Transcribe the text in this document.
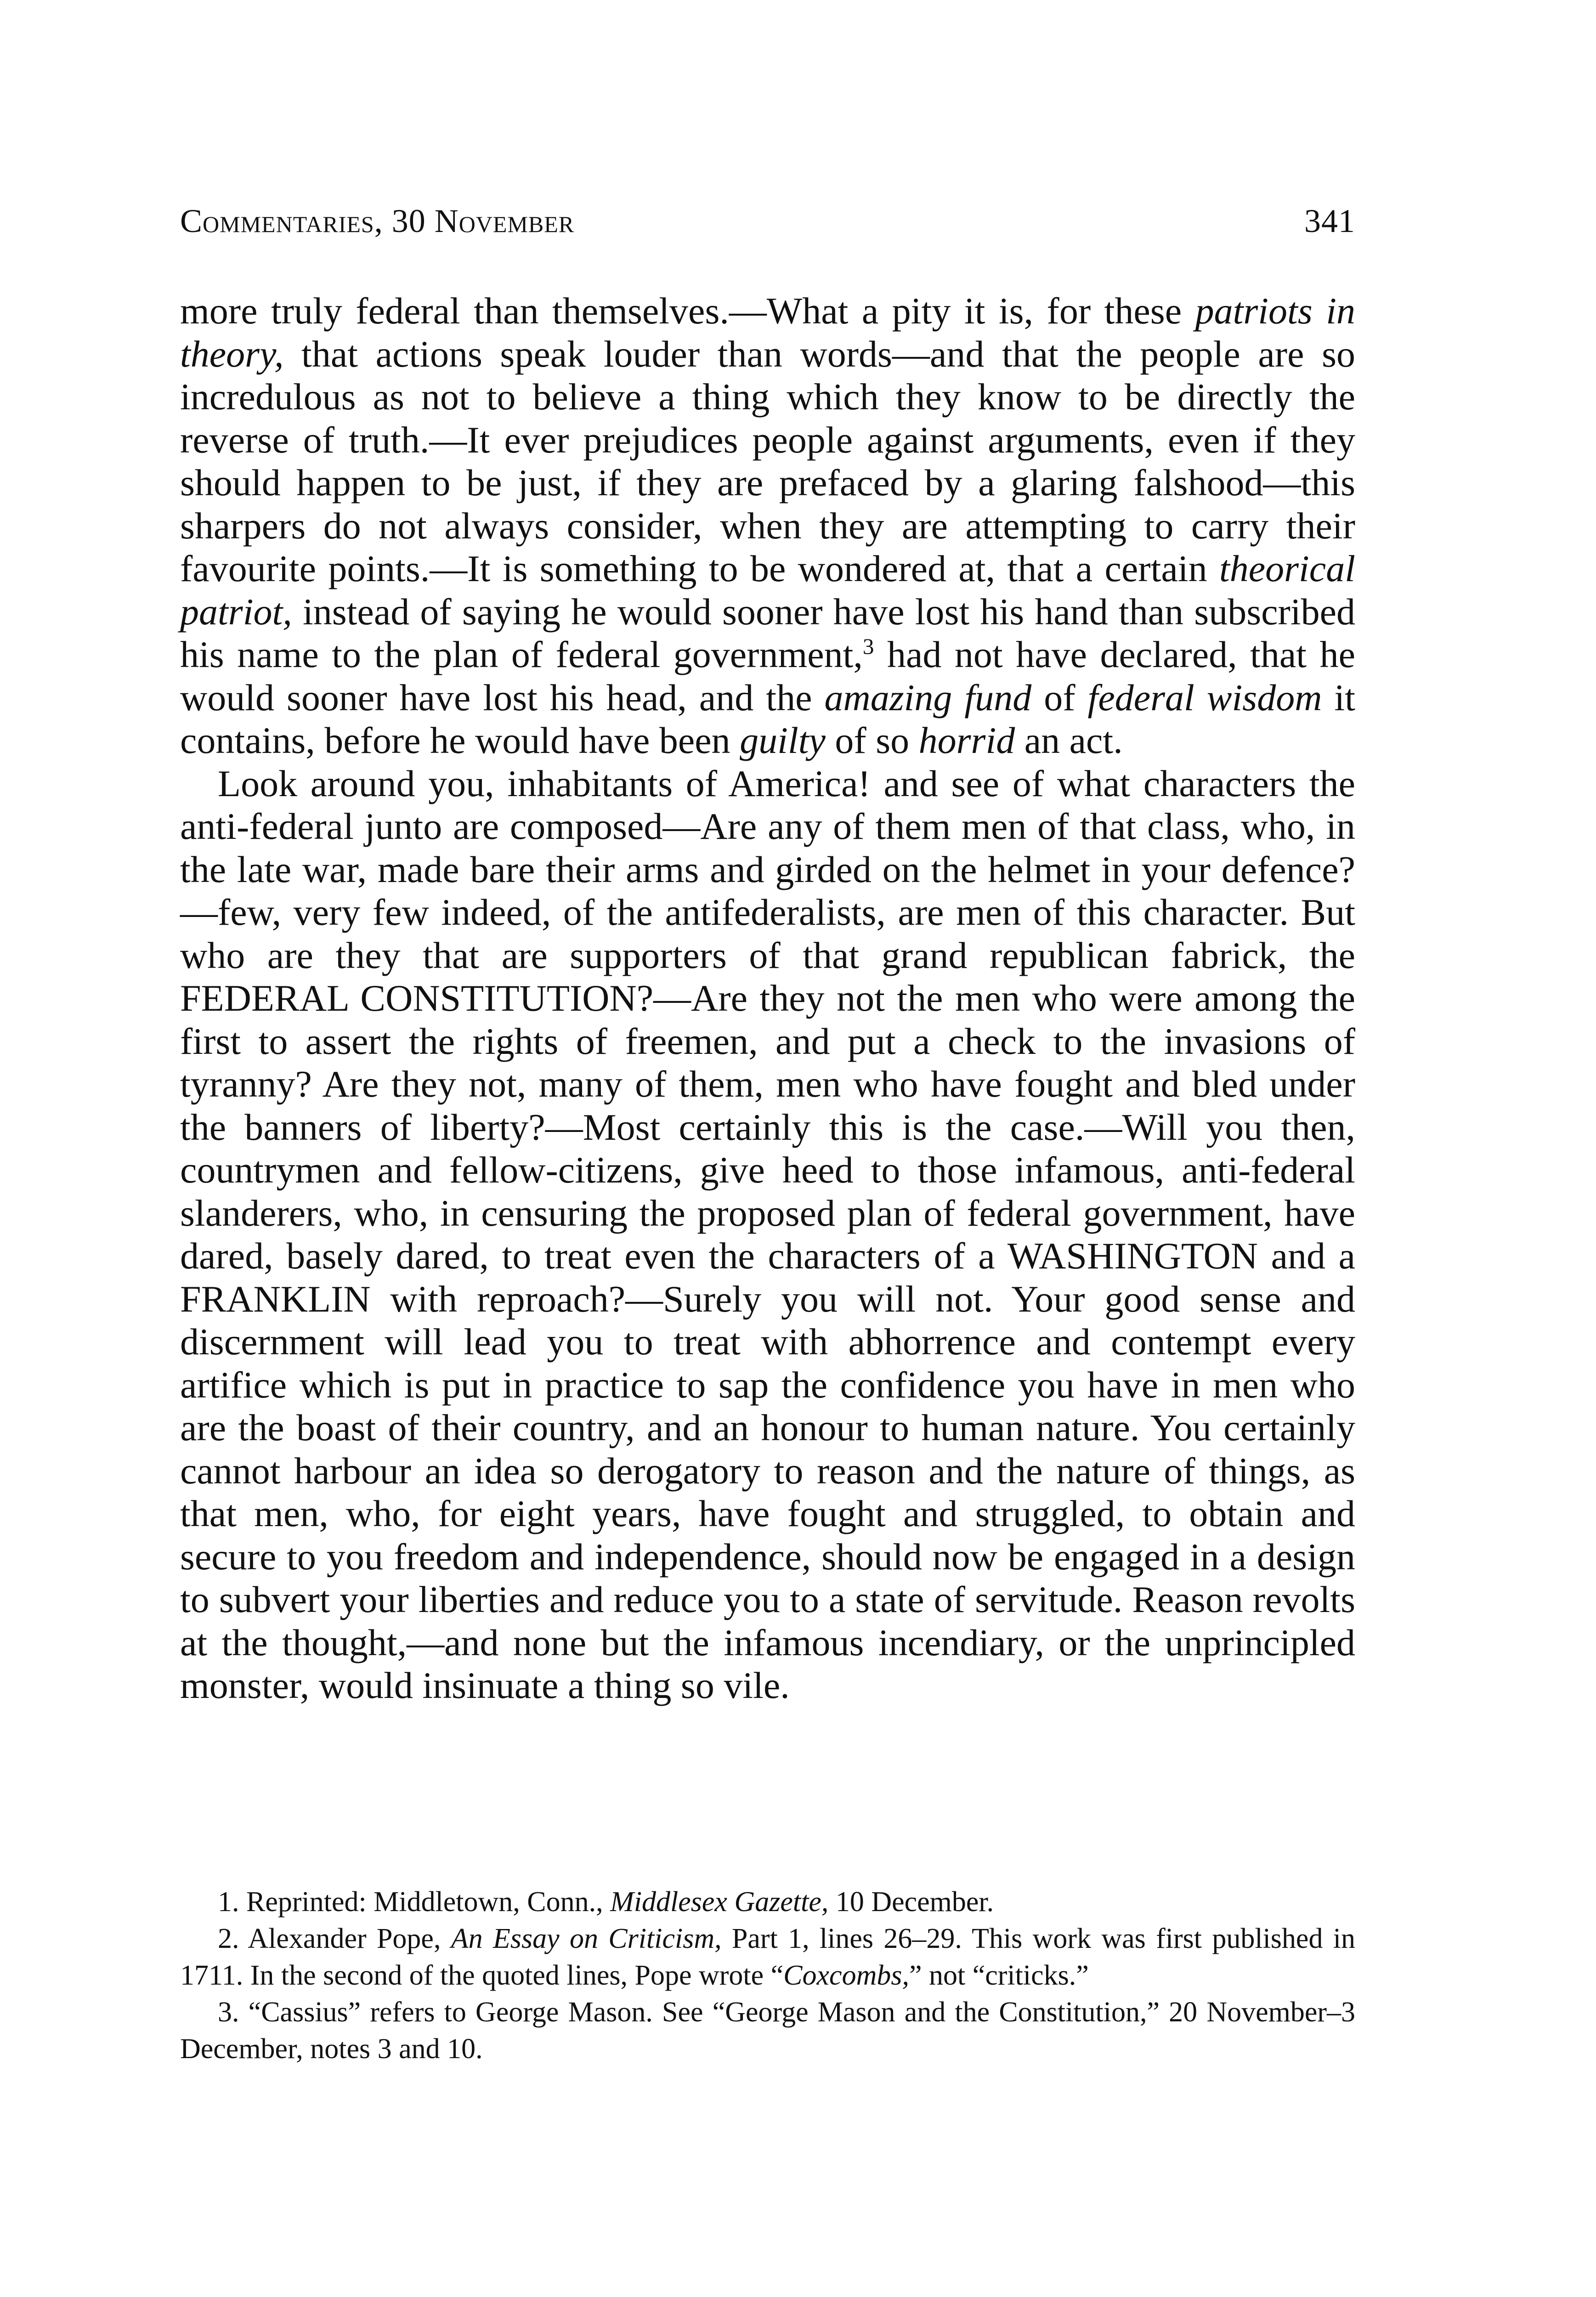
Commentaries, 30 November	341

more truly federal than themselves.—What a pity it is, for these patriots in theory, that actions speak louder than words—and that the people are so incredulous as not to believe a thing which they know to be directly the reverse of truth.—It ever prejudices people against arguments, even if they should happen to be just, if they are prefaced by a glaring falshood—this sharpers do not always consider, when they are attempting to carry their favourite points.—It is something to be wondered at, that a certain theorical patriot, instead of saying he would sooner have lost his hand than subscribed his name to the plan of federal government,$^3$ had not have declared, that he would sooner have lost his head, and the amazing fund of federal wisdom it contains, before he would have been guilty of so horrid an act.

Look around you, inhabitants of America! and see of what characters the anti-federal junto are composed—Are any of them men of that class, who, in the late war, made bare their arms and girded on the helmet in your defence?—few, very few indeed, of the antifederalists, are men of this character. But who are they that are supporters of that grand republican fabrick, the FEDERAL CONSTITUTION?—Are they not the men who were among the first to assert the rights of freemen, and put a check to the invasions of tyranny? Are they not, many of them, men who have fought and bled under the banners of liberty?—Most certainly this is the case.—Will you then, countrymen and fellow-citizens, give heed to those infamous, anti-federal slanderers, who, in censuring the proposed plan of federal government, have dared, basely dared, to treat even the characters of a WASHINGTON and a FRANKLIN with reproach?—Surely you will not. Your good sense and discernment will lead you to treat with abhorrence and contempt every artifice which is put in practice to sap the confidence you have in men who are the boast of their country, and an honour to human nature. You certainly cannot harbour an idea so derogatory to reason and the nature of things, as that men, who, for eight years, have fought and struggled, to obtain and secure to you freedom and independence, should now be engaged in a design to subvert your liberties and reduce you to a state of servitude. Reason revolts at the thought,—and none but the infamous incendiary, or the unprincipled monster, would insinuate a thing so vile.

1. Reprinted: Middletown, Conn., Middlesex Gazette, 10 December.

2. Alexander Pope, An Essay on Criticism, Part 1, lines 26–29. This work was first published in 1711. In the second of the quoted lines, Pope wrote “Coxcombs,” not “criticks.”

3. “Cassius” refers to George Mason. See “George Mason and the Constitution,” 20 November–3 December, notes 3 and 10.
